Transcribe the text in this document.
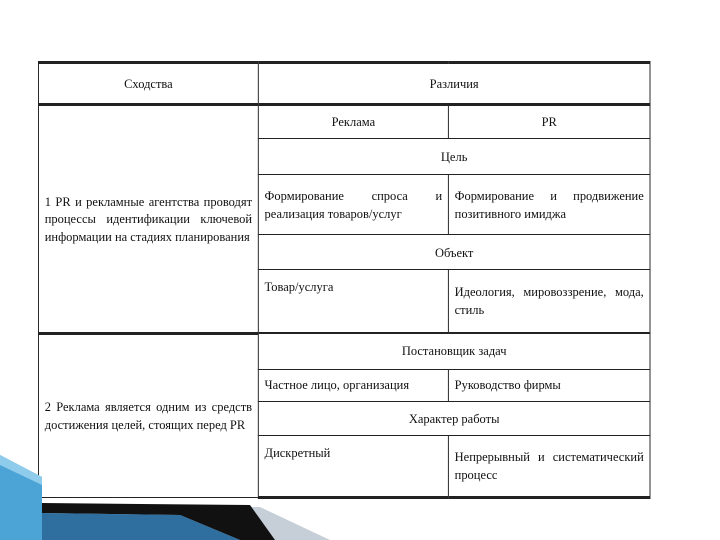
Сходства	Различия	
1 PR и рекламные агентства проводят процессы идентификации ключевой информации на стадиях планирования	Реклама	PR
	Цель	
	Формирование спроса и реализация товаров/услуг	Формирование и продвижение позитивного имиджа
	Объект	
	Товар/услуга	Идеология, мировоззрение, мода, стиль

2 Реклама является одним из средств достижения целей, стоящих перед PR	Постановщик задач	
	Частное лицо, организация	Руководство фирмы
	Характер работы	
	Дискретный	Непрерывный и систематический процесс
